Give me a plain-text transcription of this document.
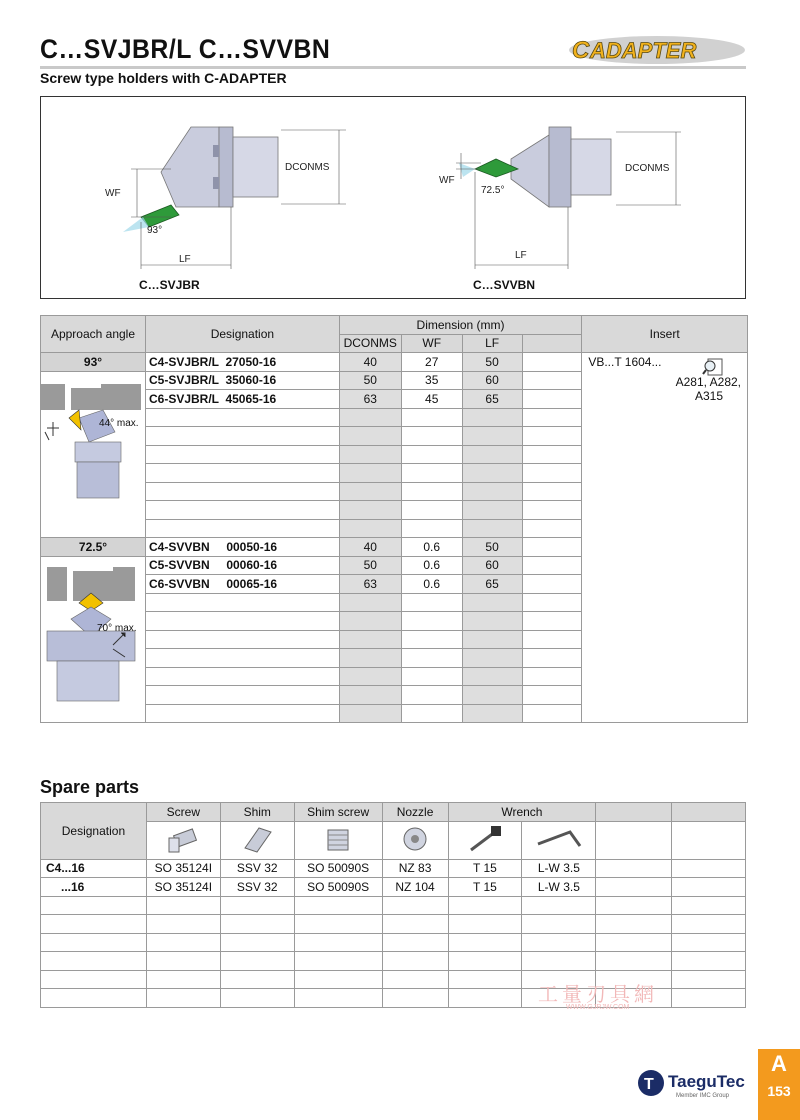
C…SVJBR/L C…SVVBN
Screw type holders with C-ADAPTER
C ADAPTER
DCONMS
WF
93°
LF
C…SVJBR
DCONMS
WF
72.5°
LF
C…SVVBN
Approach angle	Designation	Dimension (mm)				Insert
		DCONMS	WF	LF		
93°	C4-SVJBR/L  27050-16	40	27	50		VB...T 1604...
A281, A282,
A315

44° max.	C5-SVJBR/L  35060-16	50	35	60		
	C6-SVJBR/L  45065-16	63	45	65		

72.5°	C4-SVVBN     00050-16	40	0.6	50		

70° max.	C5-SVVBN     00060-16	50	0.6	60		
	C6-SVVBN     00065-16	63	0.6	65		

Spare parts
Designation	Screw	Shim	Shim screw	Nozzle	Wrench			

C4...16	SO 35124I	SSV 32	SO 50090S	NZ 83	T 15	L-W 3.5		
...16	SO 35124I	SSV 32	SO 50090S	NZ 104	T 15	L-W 3.5		

工量刃具網
WWW.GJRJW.COM
T TaeguTec
Member IMC Group
A
153
